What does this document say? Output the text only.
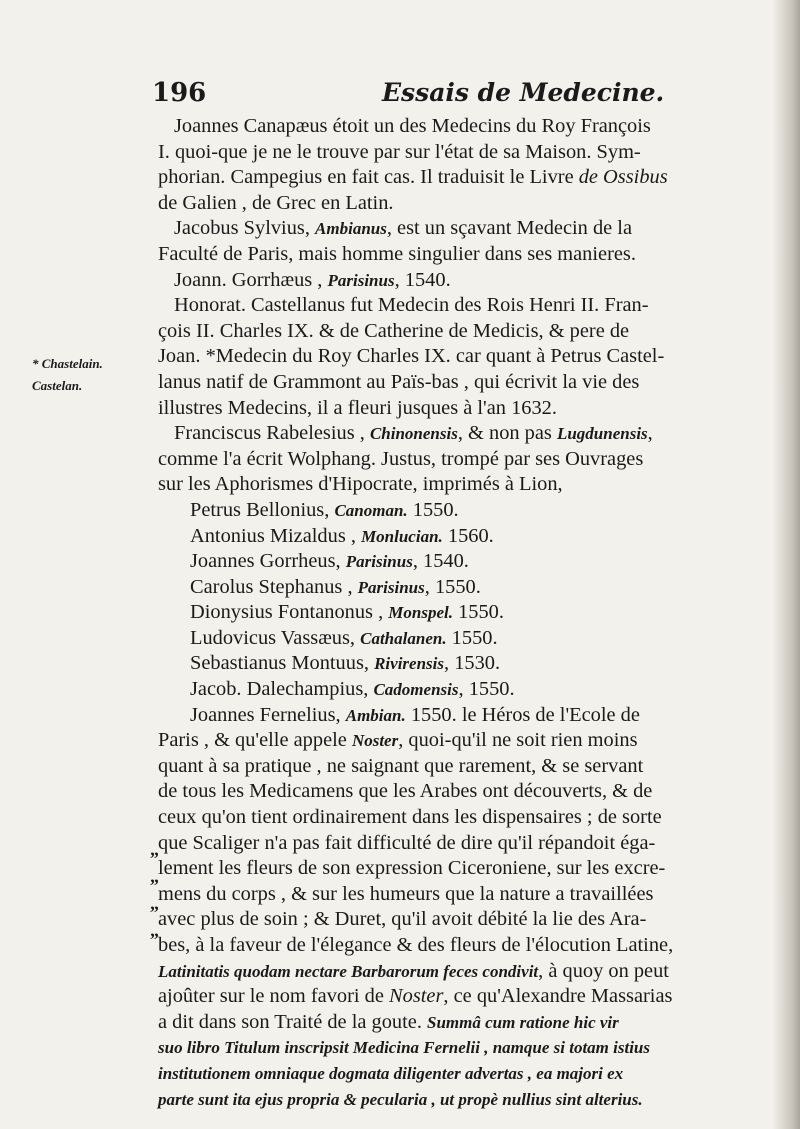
196	Essais de Medecine.
* Chastelain.
Castelan.
„
„
„
„
Joannes Canapæus étoit un des Medecins du Roy François
I. quoi-que je ne le trouve par sur l'état de sa Maison. Sym-
phorian. Campegius en fait cas. Il traduisit le Livre de Ossibus
de Galien , de Grec en Latin.
Jacobus Sylvius, Ambianus, est un sçavant Medecin de la
Faculté de Paris, mais homme singulier dans ses manieres.
Joann. Gorrhæus , Parisinus, 1540.
Honorat. Castellanus fut Medecin des Rois Henri II. Fran-
çois II. Charles IX. & de Catherine de Medicis, & pere de
Joan. *Medecin du Roy Charles IX. car quant à Petrus Castel-
lanus natif de Grammont au Païs-bas , qui écrivit la vie des
illustres Medecins, il a fleuri jusques à l'an 1632.
Franciscus Rabelesius , Chinonensis, & non pas Lugdunensis,
comme l'a écrit Wolphang. Justus, trompé par ses Ouvrages
sur les Aphorismes d'Hipocrate, imprimés à Lion,
Petrus Bellonius, Canoman. 1550.
Antonius Mizaldus , Monlucian. 1560.
Joannes Gorrheus, Parisinus, 1540.
Carolus Stephanus , Parisinus, 1550.
Dionysius Fontanonus , Monspel. 1550.
Ludovicus Vassæus, Cathalanen. 1550.
Sebastianus Montuus, Rivirensis, 1530.
Jacob. Dalechampius, Cadomensis, 1550.
Joannes Fernelius, Ambian. 1550. le Héros de l'Ecole de
Paris , & qu'elle appele Noster, quoi-qu'il ne soit rien moins
quant à sa pratique , ne saignant que rarement, & se servant
de tous les Medicamens que les Arabes ont découverts, & de
ceux qu'on tient ordinairement dans les dispensaires ; de sorte
que Scaliger n'a pas fait difficulté de dire qu'il répandoit éga-
lement les fleurs de son expression Ciceroniene, sur les excre-
mens du corps , & sur les humeurs que la nature a travaillées
avec plus de soin ; & Duret, qu'il avoit débité la lie des Ara-
bes, à la faveur de l'élegance & des fleurs de l'élocution Latine,
Latinitatis quodam nectare Barbarorum feces condivit, à quoy on peut
ajoûter sur le nom favori de Noster, ce qu'Alexandre Massarias
a dit dans son Traité de la goute. Summâ cum ratione hic vir
suo libro Titulum inscripsit Medicina Fernelii , namque si totam istius
institutionem omniaque dogmata diligenter advertas , ea majori ex
parte sunt ita ejus propria & pecularia , ut propè nullius sint alterius.
